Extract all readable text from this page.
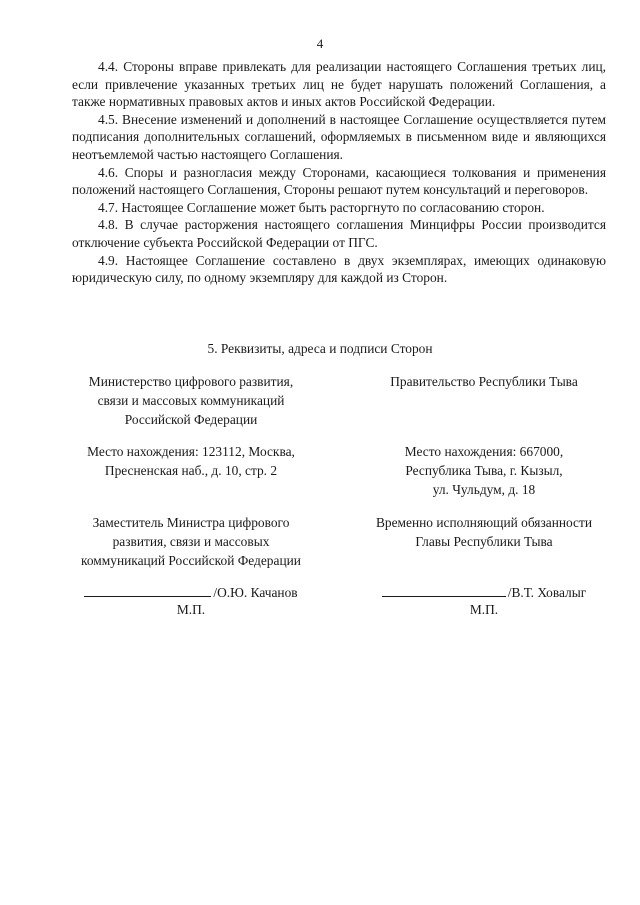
4

4.4. Стороны вправе привлекать для реализации настоящего Соглашения третьих лиц, если привлечение указанных третьих лиц не будет нарушать положений Соглашения, а также нормативных правовых актов и иных актов Российской Федерации.

4.5. Внесение изменений и дополнений в настоящее Соглашение осуществляется путем подписания дополнительных соглашений, оформляемых в письменном виде и являющихся неотъемлемой частью настоящего Соглашения.

4.6. Споры и разногласия между Сторонами, касающиеся толкования и применения положений настоящего Соглашения, Стороны решают путем консультаций и переговоров.

4.7. Настоящее Соглашение может быть расторгнуто по согласованию сторон.

4.8. В случае расторжения настоящего соглашения Минцифры России производится отключение субъекта Российской Федерации от ПГС.

4.9. Настоящее Соглашение составлено в двух экземплярах, имеющих одинаковую юридическую силу, по одному экземпляру для каждой из Сторон.

5. Реквизиты, адреса и подписи Сторон
Министерство цифрового развития,
связи и массовых коммуникаций
Российской Федерации
Место нахождения: 123112, Москва,
Пресненская наб., д. 10, стр. 2
Заместитель Министра цифрового
развития, связи и массовых
коммуникаций Российской Федерации
/О.Ю. Качанов
М.П.
Правительство Республики Тыва
Место нахождения: 667000,
Республика Тыва, г. Кызыл,
ул. Чульдум, д. 18
Временно исполняющий обязанности
Главы Республики Тыва
/В.Т. Ховалыг
М.П.
